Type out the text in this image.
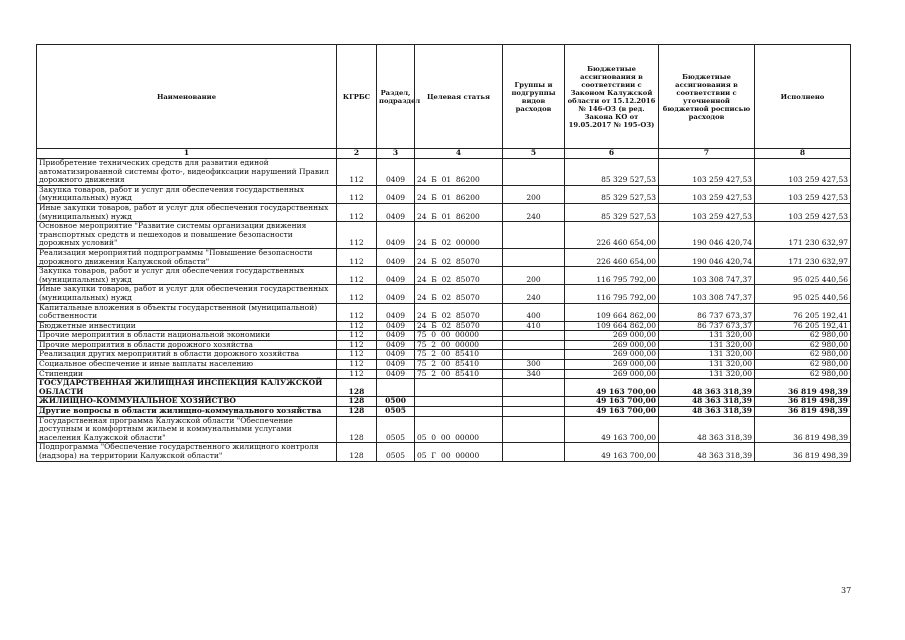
Наименование	КГРБС	Раздел, подраздел	Целевая статья	Группы и подгруппы видов расходов	Бюджетные ассигнования в соответствии с Законом Калужской области от 15.12.2016 № 146-ОЗ (в ред. Закона КО от 19.05.2017 № 195-ОЗ)	Бюджетные ассигнования в соответствии с уточненной бюджетной росписью расходов	Исполнено
1	2	3	4	5	6	7	8
Приобретение технических средств для развития единой автоматизированной системы фото-, видеофиксации нарушений Правил дорожного движения	112	0409	24  Б  01  86200		85 329 527,53	103 259 427,53	103 259 427,53
Закупка товаров, работ и услуг для обеспечения государственных (муниципальных) нужд	112	0409	24  Б  01  86200	200	85 329 527,53	103 259 427,53	103 259 427,53
Иные закупки товаров, работ и услуг для обеспечения государственных (муниципальных) нужд	112	0409	24  Б  01  86200	240	85 329 527,53	103 259 427,53	103 259 427,53
Основное мероприятие "Развитие системы организации движения транспортных средств и пешеходов и повышение безопасности дорожных условий"	112	0409	24  Б  02  00000		226 460 654,00	190 046 420,74	171 230 632,97
Реализация мероприятий подпрограммы "Повышение безопасности дорожного движения Калужской области"	112	0409	24  Б  02  85070		226 460 654,00	190 046 420,74	171 230 632,97
Закупка товаров, работ и услуг для обеспечения государственных (муниципальных) нужд	112	0409	24  Б  02  85070	200	116 795 792,00	103 308 747,37	95 025 440,56
Иные закупки товаров, работ и услуг для обеспечения государственных (муниципальных) нужд	112	0409	24  Б  02  85070	240	116 795 792,00	103 308 747,37	95 025 440,56
Капитальные вложения в объекты государственной (муниципальной) собственности	112	0409	24  Б  02  85070	400	109 664 862,00	86 737 673,37	76 205 192,41
Бюджетные инвестиции	112	0409	24  Б  02  85070	410	109 664 862,00	86 737 673,37	76 205 192,41
Прочие мероприятия в области национальной экономики	112	0409	75  0  00  00000		269 000,00	131 320,00	62 980,00
Прочие мероприятия в области дорожного хозяйства	112	0409	75  2  00  00000		269 000,00	131 320,00	62 980,00
Реализация других мероприятий в области дорожного хозяйства	112	0409	75  2  00  85410		269 000,00	131 320,00	62 980,00
Социальное обеспечение и иные выплаты населению	112	0409	75  2  00  85410	300	269 000,00	131 320,00	62 980,00
Стипендии	112	0409	75  2  00  85410	340	269 000,00	131 320,00	62 980,00
ГОСУДАРСТВЕННАЯ ЖИЛИЩНАЯ ИНСПЕКЦИЯ КАЛУЖСКОЙ ОБЛАСТИ	128				49 163 700,00	48 363 318,39	36 819 498,39
ЖИЛИЩНО-КОММУНАЛЬНОЕ ХОЗЯЙСТВО	128	0500			49 163 700,00	48 363 318,39	36 819 498,39
Другие вопросы в области жилищно-коммунального хозяйства	128	0505			49 163 700,00	48 363 318,39	36 819 498,39
Государственная программа Калужской области "Обеспечение доступным и комфортным жильем и коммунальными услугами населения Калужской области"	128	0505	05  0  00  00000		49 163 700,00	48 363 318,39	36 819 498,39
Подпрограмма "Обеспечение государственного жилищного контроля (надзора) на территории Калужской области"	128	0505	05  Г  00  00000		49 163 700,00	48 363 318,39	36 819 498,39
37
